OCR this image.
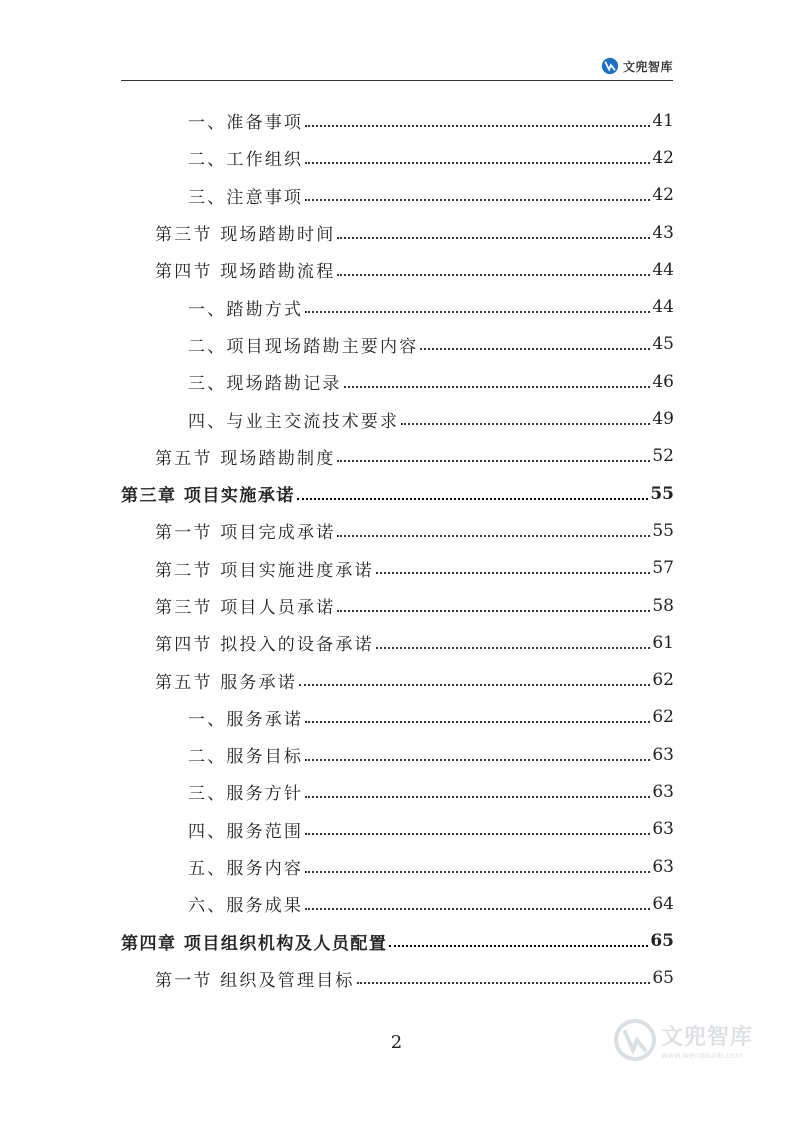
文兜智库
一、准备事项	41
二、工作组织	42
三、注意事项	42
第三节 现场踏勘时间	43
第四节 现场踏勘流程	44
一、踏勘方式	44
二、项目现场踏勘主要内容	45
三、现场踏勘记录	46
四、与业主交流技术要求	49
第五节 现场踏勘制度	52
第三章 项目实施承诺	55
第一节 项目完成承诺	55
第二节 项目实施进度承诺	57
第三节 项目人员承诺	58
第四节 拟投入的设备承诺	61
第五节 服务承诺	62
一、服务承诺	62
二、服务目标	63
三、服务方针	63
四、服务范围	63
五、服务内容	63
六、服务成果	64
第四章 项目组织机构及人员配置	65
第一节 组织及管理目标	65
2	文兜智库
www.wendoulib.com
